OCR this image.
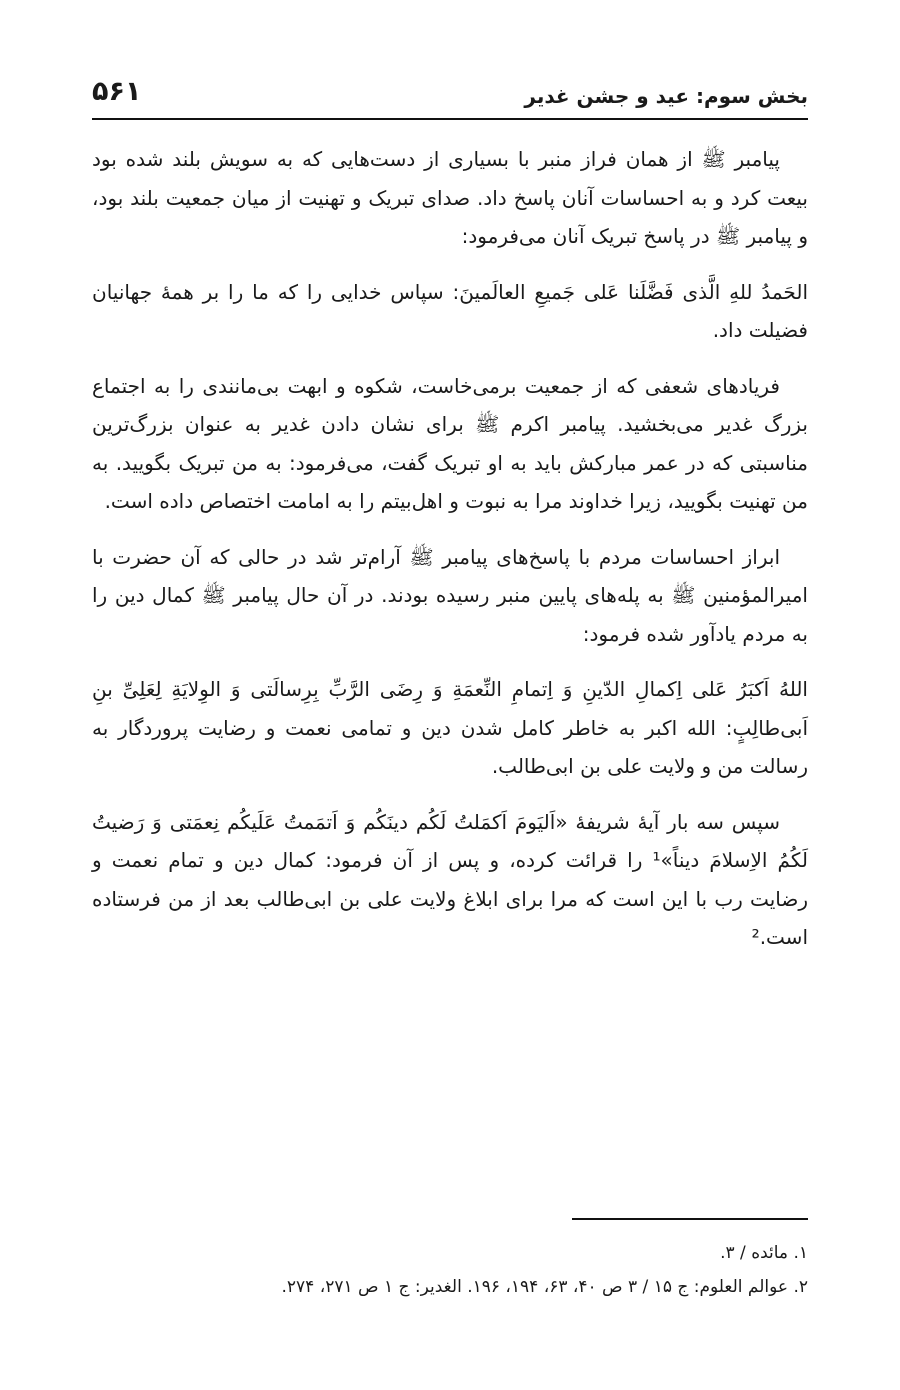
بخش سوم: عید و جشن غدیر
۵۶۱

پیامبر ﷺ از همان فراز منبر با بسیاری از دست‌هایی که به سویش بلند شده بود بیعت کرد و به احساسات آنان پاسخ داد. صدای تبریک و تهنیت از میان جمعیت بلند بود، و پیامبر ﷺ در پاسخ تبریک آنان می‌فرمود:

الحَمدُ للهِ الَّذی فَضَّلَنا عَلی جَمیعِ العالَمینَ: سپاس خدایی را که ما را بر همهٔ جهانیان فضیلت داد.

فریادهای شعفی که از جمعیت برمی‌خاست، شکوه و ابهت بی‌مانندی را به اجتماع بزرگ غدیر می‌بخشید. پیامبر اکرم ﷺ برای نشان دادن غدیر به عنوان بزرگ‌ترین مناسبتی که در عمر مبارکش باید به او تبریک گفت، می‌فرمود: به من تبریک بگویید. به من تهنیت بگویید، زیرا خداوند مرا به نبوت و اهل‌بیتم را به امامت اختصاص داده است.

ابراز احساسات مردم با پاسخ‌های پیامبر ﷺ آرام‌تر شد در حالی که آن حضرت با امیرالمؤمنین ﷺ به پله‌های پایین منبر رسیده بودند. در آن حال پیامبر ﷺ کمال دین را به مردم یادآور شده فرمود:

اللهُ اَکبَرُ عَلی اِکمالِ الدّینِ وَ اِتمامِ النِّعمَةِ وَ رِضَی الرَّبِّ بِرِسالَتی وَ الوِلایَةِ لِعَلِیِّ بنِ اَبی‌طالِبٍ: الله اکبر به خاطر کامل شدن دین و تمامی نعمت و رضایت پروردگار به رسالت من و ولایت علی بن ابی‌طالب.

سپس سه بار آیهٔ شریفهٔ «اَلیَومَ اَکمَلتُ لَکُم دینَکُم وَ اَتمَمتُ عَلَیکُم نِعمَتی وَ رَضیتُ لَکُمُ الاِسلامَ دیناً»¹ را قرائت کرده، و پس از آن فرمود: کمال دین و تمام نعمت و رضایت رب با این است که مرا برای ابلاغ ولایت علی بن ابی‌طالب بعد از من فرستاده است.²

۱. مائده / ۳.

۲. عوالم العلوم: ج ۱۵ / ۳ ص ۴۰، ۶۳، ۱۹۴، ۱۹۶. الغدیر: ج ۱ ص ۲۷۱، ۲۷۴.
